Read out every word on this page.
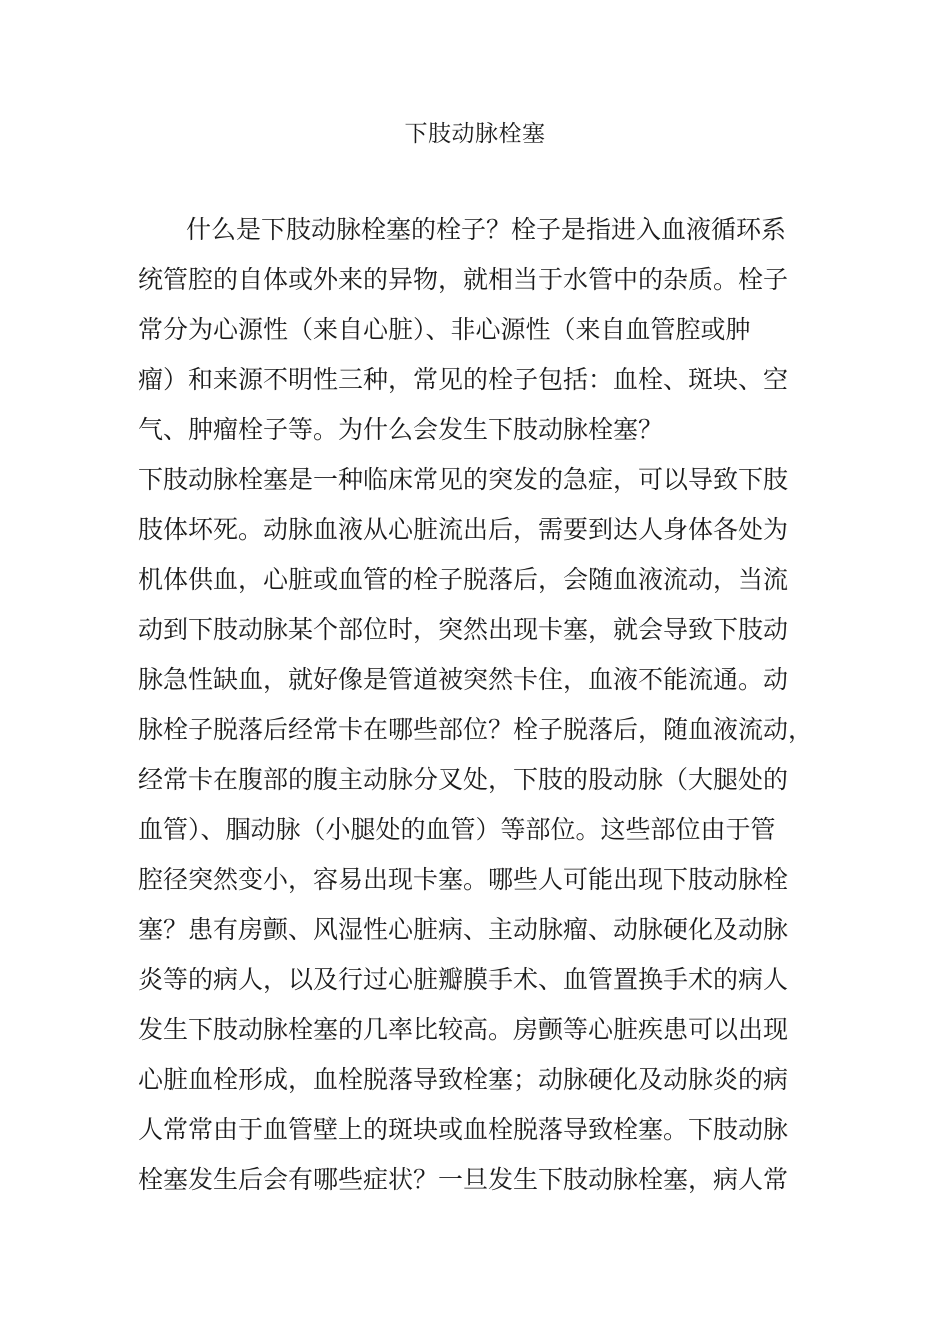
下肢动脉栓塞
什么是下肢动脉栓塞的栓子？栓子是指进入血液循环系
统管腔的自体或外来的异物，就相当于水管中的杂质。栓子
常分为心源性（来自心脏）、非心源性（来自血管腔或肿
瘤）和来源不明性三种，常见的栓子包括：血栓、斑块、空
气、肿瘤栓子等。为什么会发生下肢动脉栓塞？
下肢动脉栓塞是一种临床常见的突发的急症，可以导致下肢
肢体坏死。动脉血液从心脏流出后，需要到达人身体各处为
机体供血，心脏或血管的栓子脱落后，会随血液流动，当流
动到下肢动脉某个部位时，突然出现卡塞，就会导致下肢动
脉急性缺血，就好像是管道被突然卡住，血液不能流通。动
脉栓子脱落后经常卡在哪些部位？栓子脱落后，随血液流动，
经常卡在腹部的腹主动脉分叉处，下肢的股动脉（大腿处的
血管）、腘动脉（小腿处的血管）等部位。这些部位由于管
腔径突然变小，容易出现卡塞。哪些人可能出现下肢动脉栓
塞？患有房颤、风湿性心脏病、主动脉瘤、动脉硬化及动脉
炎等的病人，以及行过心脏瓣膜手术、血管置换手术的病人
发生下肢动脉栓塞的几率比较高。房颤等心脏疾患可以出现
心脏血栓形成，血栓脱落导致栓塞；动脉硬化及动脉炎的病
人常常由于血管壁上的斑块或血栓脱落导致栓塞。下肢动脉
栓塞发生后会有哪些症状？一旦发生下肢动脉栓塞，病人常
